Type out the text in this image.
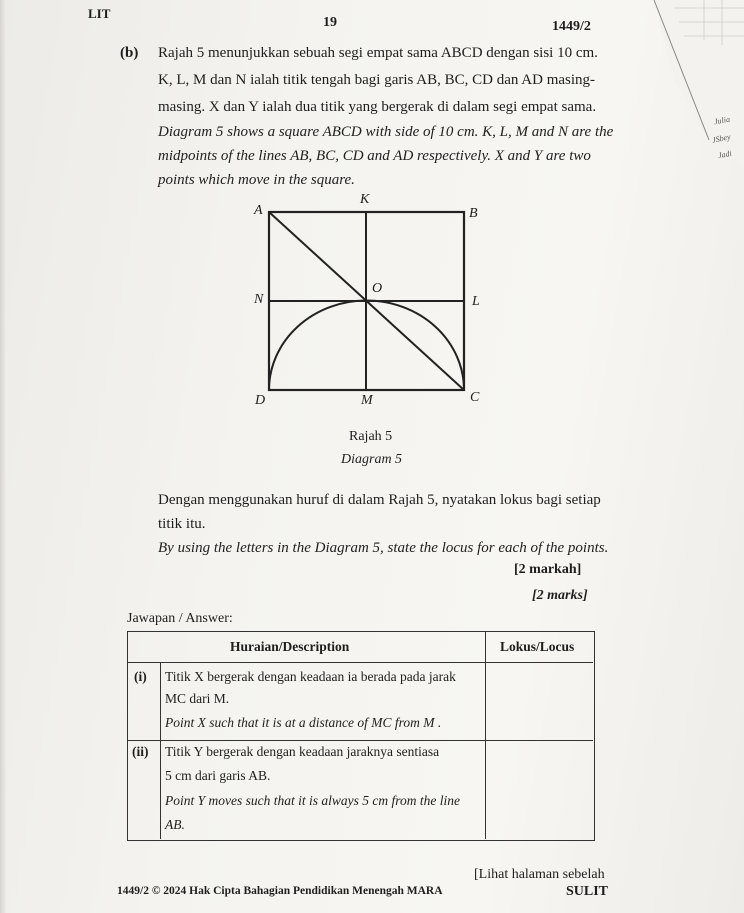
Julia
JSbey
Jadi
LIT
19	1449/2
(b) Rajah 5 menunjukkan sebuah segi empat sama ABCD dengan sisi 10 cm.
K, L, M dan N ialah titik tengah bagi garis AB, BC, CD dan AD masing-
masing. X dan Y ialah dua titik yang bergerak di dalam segi empat sama.
Diagram 5 shows a square ABCD with side of 10 cm. K, L, M and N are the
midpoints of the lines AB, BC, CD and AD respectively. X and Y are two
points which move in the square.
A
K
B
N
O
L
D	M	C
Rajah 5
Diagram 5
Dengan menggunakan huruf di dalam Rajah 5, nyatakan lokus bagi setiap
titik itu.
By using the letters in the Diagram 5, state the locus for each of the points.
[2 markah]
[2 marks]
Jawapan / Answer:
Huraian/Description	Lokus/Locus
(i) Titik X bergerak dengan keadaan ia berada pada jarak
MC dari M.
Point X such that it is at a distance of MC from M .
(ii) Titik Y bergerak dengan keadaan jaraknya sentiasa
5 cm dari garis AB.
Point Y moves such that it is always 5 cm from the line
AB.
[Lihat halaman sebelah
1449/2 © 2024 Hak Cipta Bahagian Pendidikan Menengah MARA	SULIT
